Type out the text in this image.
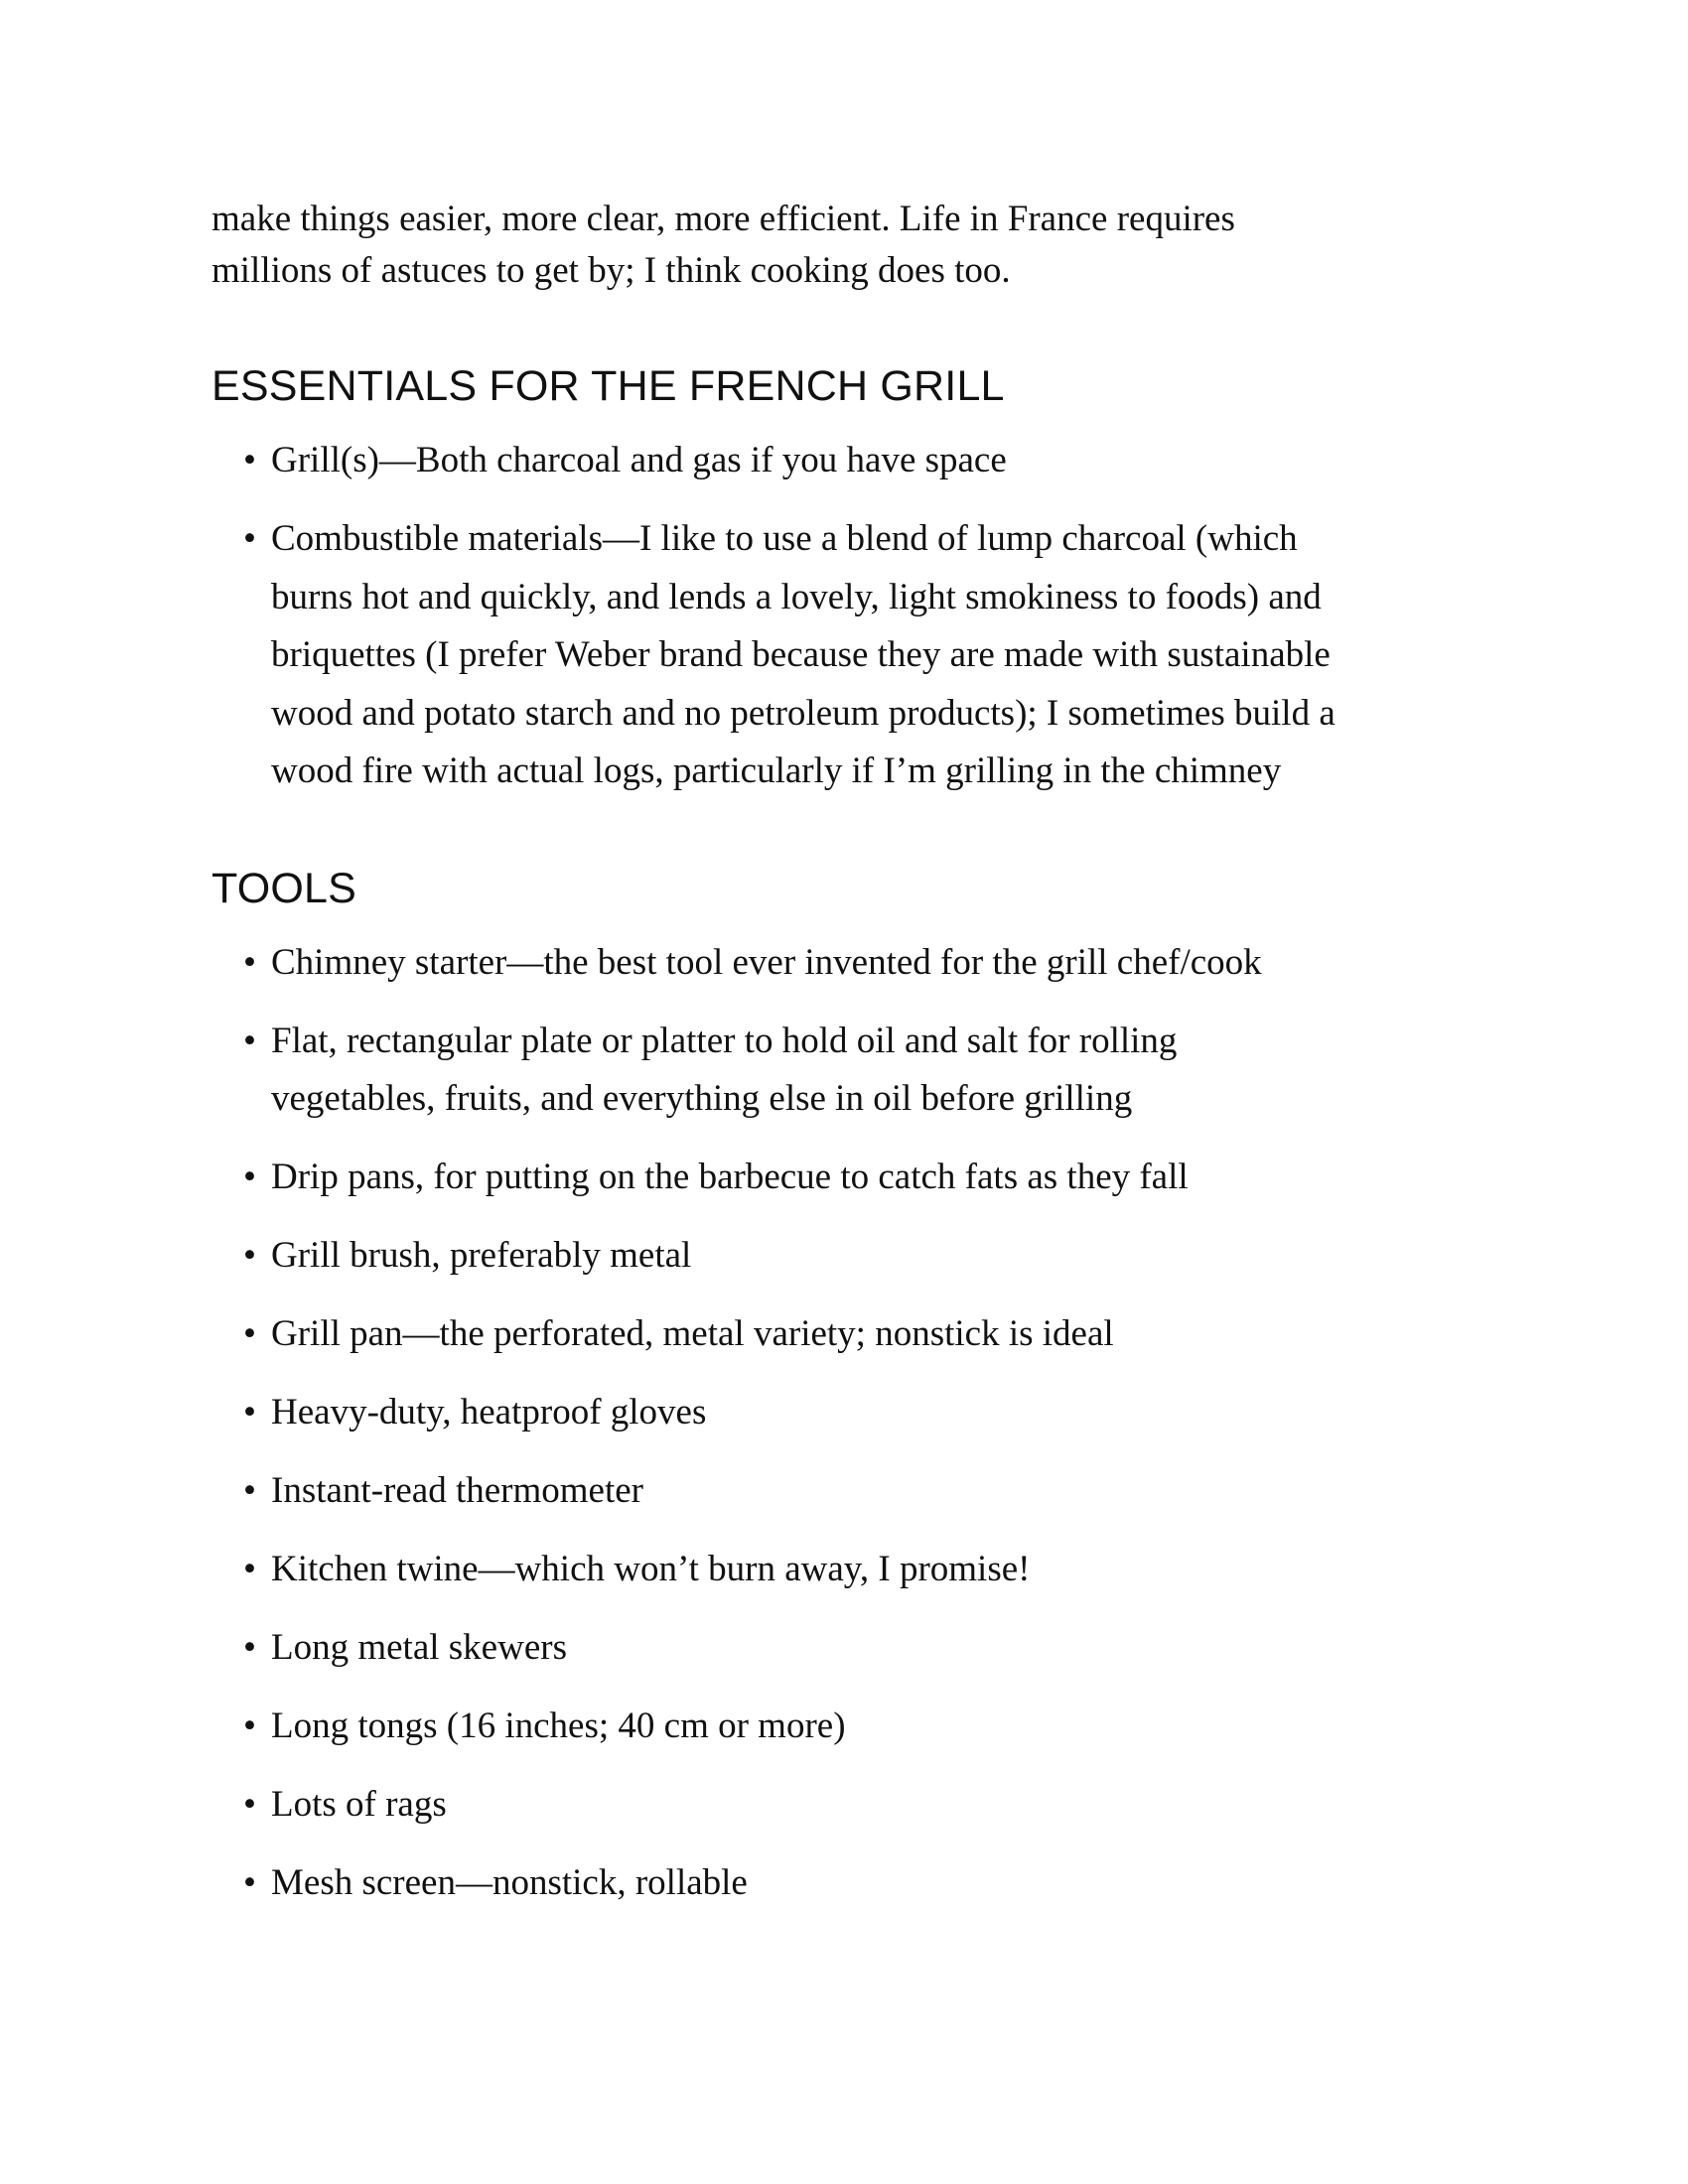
make things easier, more clear, more efficient. Life in France requires
millions of astuces to get by; I think cooking does too.

ESSENTIALS FOR THE FRENCH GRILL
• Grill(s)—Both charcoal and gas if you have space
• Combustible materials—I like to use a blend of lump charcoal (which
burns hot and quickly, and lends a lovely, light smokiness to foods) and
briquettes (I prefer Weber brand because they are made with sustainable
wood and potato starch and no petroleum products); I sometimes build a
wood fire with actual logs, particularly if I’m grilling in the chimney
TOOLS
• Chimney starter—the best tool ever invented for the grill chef/cook
• Flat, rectangular plate or platter to hold oil and salt for rolling
vegetables, fruits, and everything else in oil before grilling
• Drip pans, for putting on the barbecue to catch fats as they fall
• Grill brush, preferably metal
• Grill pan—the perforated, metal variety; nonstick is ideal
• Heavy-duty, heatproof gloves
• Instant-read thermometer
• Kitchen twine—which won’t burn away, I promise!
• Long metal skewers
• Long tongs (16 inches; 40 cm or more)
• Lots of rags
• Mesh screen—nonstick, rollable
